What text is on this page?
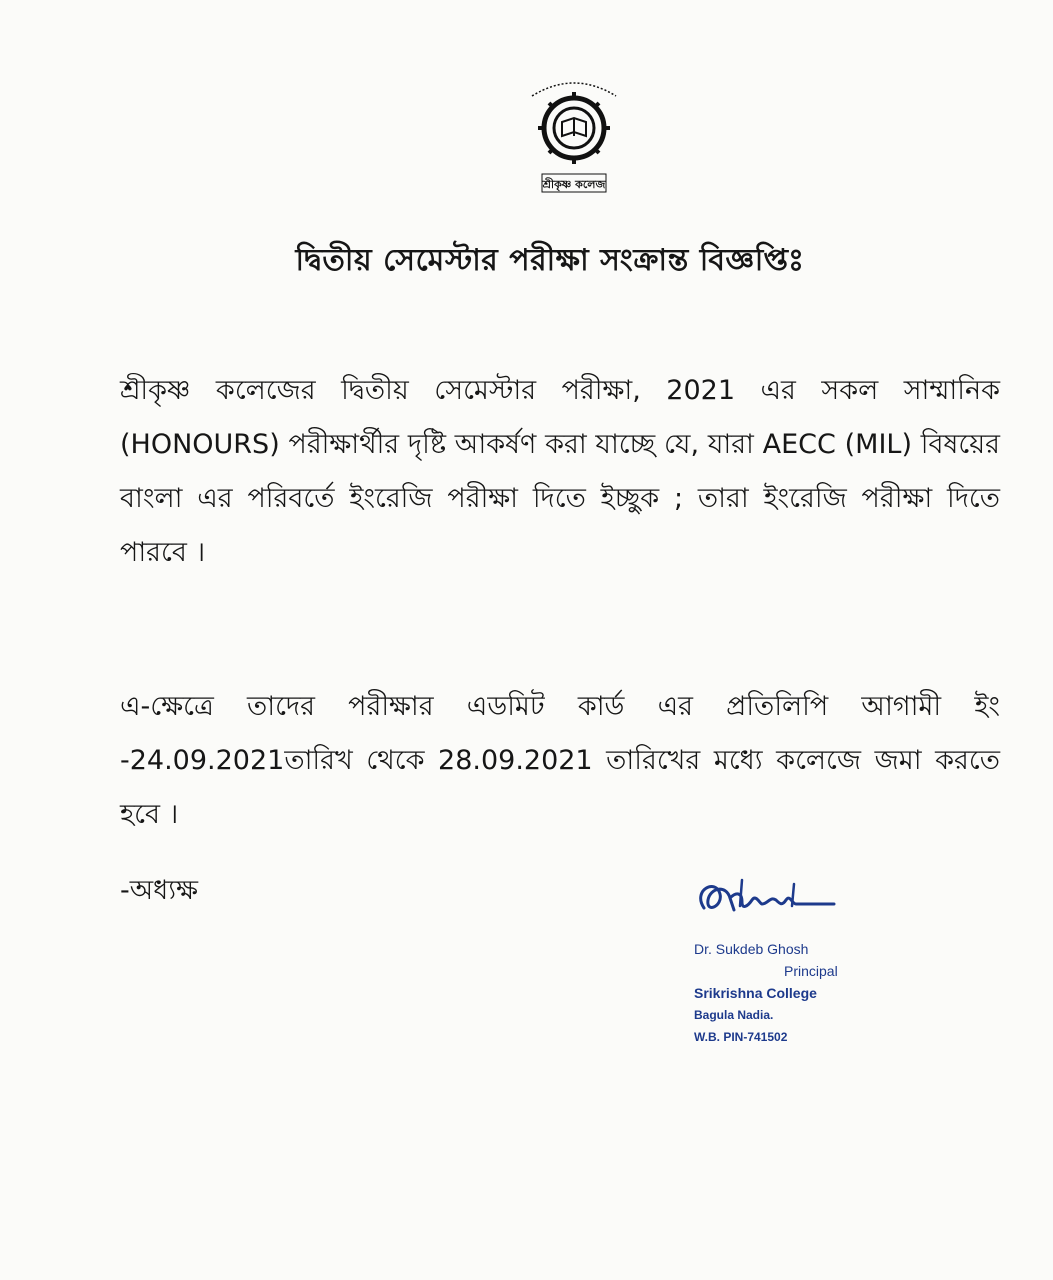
শ্রীকৃষ্ণ কলেজ
দ্বিতীয় সেমেস্টার পরীক্ষা সংক্রান্ত বিজ্ঞপ্তিঃ
শ্রীকৃষ্ণ কলেজের দ্বিতীয় সেমেস্টার পরীক্ষা, 2021 এর সকল সাম্মানিক (HONOURS) পরীক্ষার্থীর দৃষ্টি আকর্ষণ করা যাচ্ছে যে, যারা AECC (MIL) বিষয়ের বাংলা এর পরিবর্তে ইংরেজি পরীক্ষা দিতে ইচ্ছুক ; তারা ইংরেজি পরীক্ষা দিতে পারবে ।
এ-ক্ষেত্রে তাদের পরীক্ষার এডমিট কার্ড এর প্রতিলিপি আগামী ইং -24.09.2021তারিখ থেকে 28.09.2021 তারিখের মধ্যে কলেজে জমা করতে হবে ।
-অধ্যক্ষ
Dr. Sukdeb Ghosh
Principal
Srikrishna College
Bagula Nadia.
W.B. PIN-741502
